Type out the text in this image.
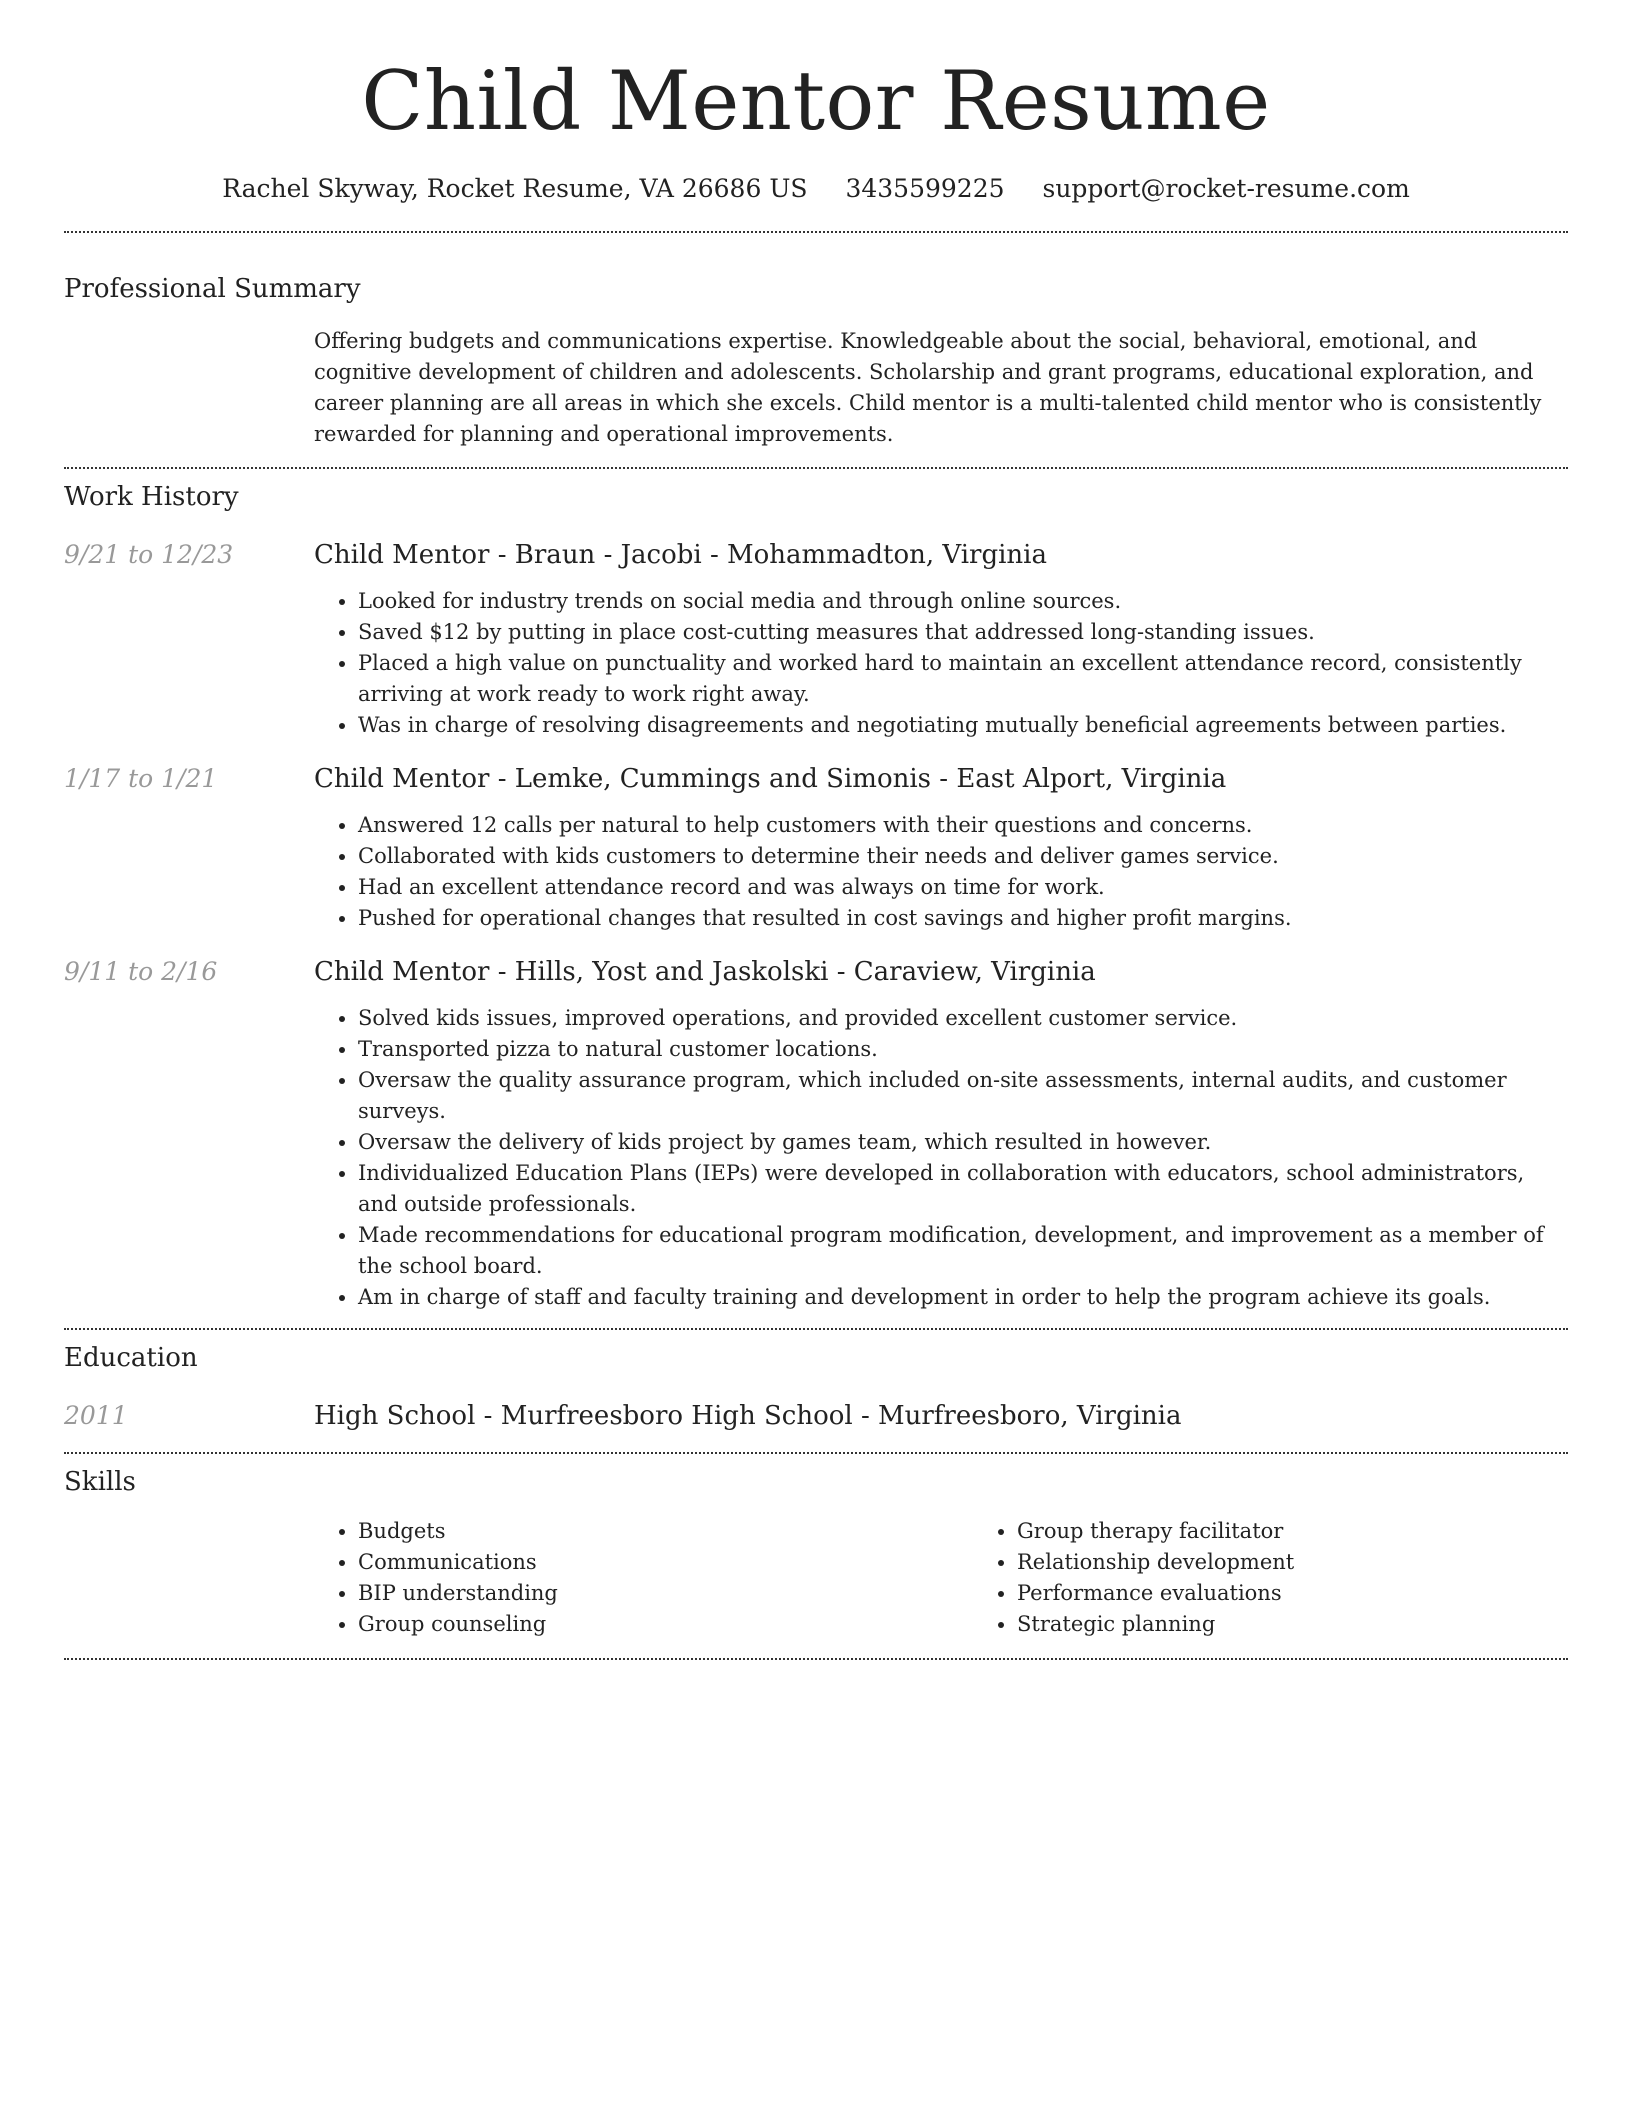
Child Mentor Resume
Rachel Skyway, Rocket Resume, VA 26686 US 3435599225 support@rocket-resume.com
Professional Summary

Offering budgets and communications expertise. Knowledgeable about the social, behavioral, emotional, and cognitive development of children and adolescents. Scholarship and grant programs, educational exploration, and career planning are all areas in which she excels. Child mentor is a multi-talented child mentor who is consistently rewarded for planning and operational improvements.

Work History
9/21 to 12/23	Child Mentor - Braun - Jacobi - Mohammadton, Virginia
• Looked for industry trends on social media and through online sources.
• Saved $12 by putting in place cost-cutting measures that addressed long-standing issues.
• Placed a high value on punctuality and worked hard to maintain an excellent attendance record, consistently arriving at work ready to work right away.
• Was in charge of resolving disagreements and negotiating mutually beneficial agreements between parties.
1/17 to 1/21	Child Mentor - Lemke, Cummings and Simonis - East Alport, Virginia
• Answered 12 calls per natural to help customers with their questions and concerns.
• Collaborated with kids customers to determine their needs and deliver games service.
• Had an excellent attendance record and was always on time for work.
• Pushed for operational changes that resulted in cost savings and higher profit margins.
9/11 to 2/16	Child Mentor - Hills, Yost and Jaskolski - Caraview, Virginia
• Solved kids issues, improved operations, and provided excellent customer service.
• Transported pizza to natural customer locations.
• Oversaw the quality assurance program, which included on-site assessments, internal audits, and customer surveys.
• Oversaw the delivery of kids project by games team, which resulted in however.
• Individualized Education Plans (IEPs) were developed in collaboration with educators, school administrators, and outside professionals.
• Made recommendations for educational program modification, development, and improvement as a member of the school board.
• Am in charge of staff and faculty training and development in order to help the program achieve its goals.
Education
2011	High School - Murfreesboro High School - Murfreesboro, Virginia
Skills
• Budgets
• Communications
• BIP understanding
• Group counseling
• Group therapy facilitator
• Relationship development
• Performance evaluations
• Strategic planning
